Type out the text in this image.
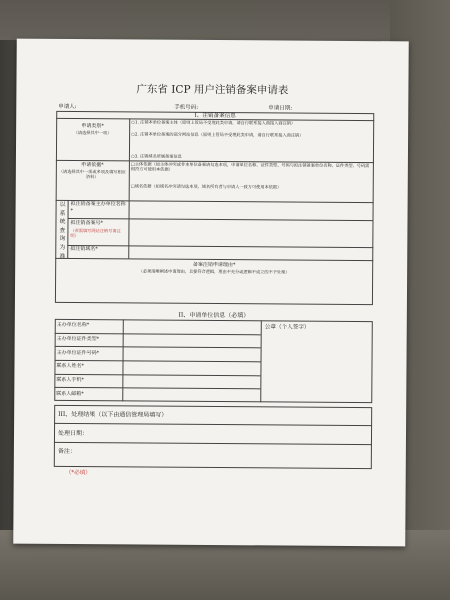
广东省 ICP 用户注销备案申请表
申请人:	手机号码:	申请日期:
I、注销备案信息
申请类别*
（请选择其中一项）
○1. 注销本单位备案主体（原则上管局不受理此类申请，请自行联系接入商接入商注销）
○2. 注销本单位备案的部分网站信息（原则上管局不受理此类申请，请自行联系接入商注销）
○3. 注销域名所属备案信息
申请依据*
（请选择其中一项或多项及填写相应资料）
□主体依据（如主体冲突或非本单位备案请勾选本项，申请单位名称、证件类型、号码与拟注销备案单位名称、证件类型、号码需相符方可使用本依据）
□域名依据（如域名冲突请勾选本项，域名所有者与申请人一致方可使用本依据）
以系统查询为准
拟注销备案主办单位名称*
拟注销备案号*
（若需填写网站注销号请注明）
拟注销域名*
备案注销申请理由*
（必须清晰阐述申请理由，且要符合逻辑，理由不充分或逻辑不成立的不予处理）
II、申请单位信息（必填）
主办单位名称*
主办单位证件类型*
主办单位证件号码*
联系人姓名*
联系人手机*
联系人邮箱*
公章（个人签字）
III、处理结果（以下由通信管理局填写）
处理日期：
备注：
（*必填）
